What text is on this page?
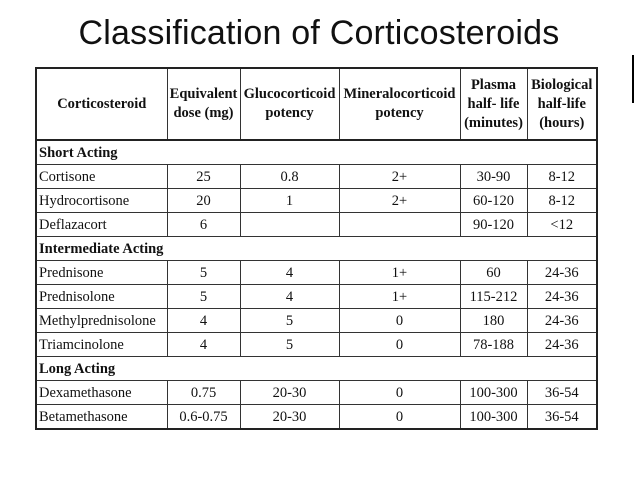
Classification of Corticosteroids
Corticosteroid	Equivalent dose (mg)	Glucocorticoid potency	Mineralocorticoid potency	Plasma half- life (minutes)	Biological half-life (hours)
Short Acting					
Cortisone	25	0.8	2+	30-90	8-12
Hydrocortisone	20	1	2+	60-120	8-12
Deflazacort	6			90-120	<12
Intermediate Acting					
Prednisone	5	4	1+	60	24-36
Prednisolone	5	4	1+	115-212	24-36
Methylprednisolone	4	5	0	180	24-36
Triamcinolone	4	5	0	78-188	24-36
Long Acting					
Dexamethasone	0.75	20-30	0	100-300	36-54
Betamethasone	0.6-0.75	20-30	0	100-300	36-54
